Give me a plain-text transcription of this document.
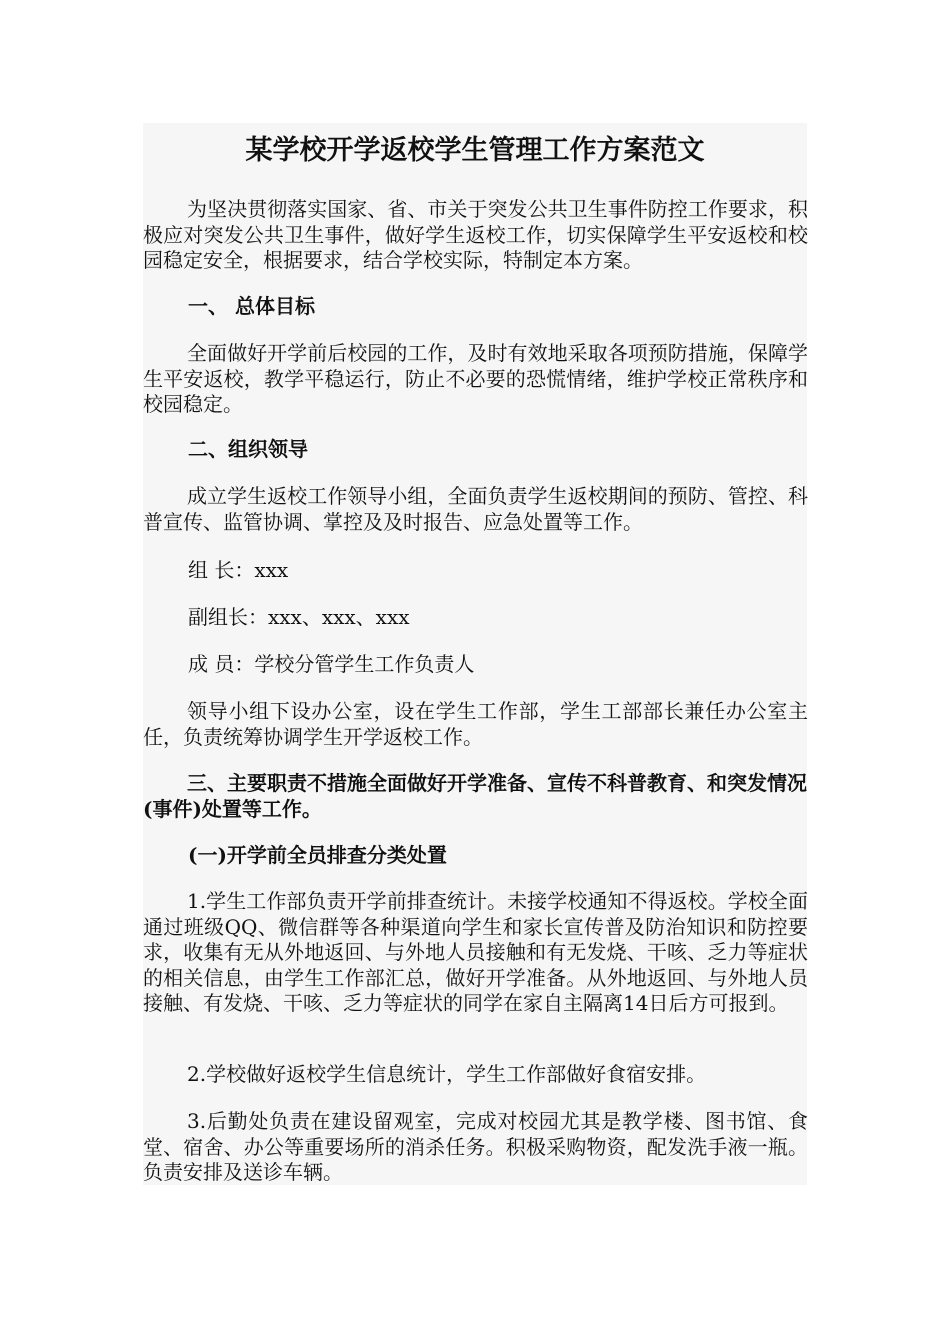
某学校开学返校学生管理工作方案范文

为坚决贯彻落实国家、省、市关于突发公共卫生事件防控工作要求，积极应对突发公共卫生事件，做好学生返校工作，切实保障学生平安返校和校园稳定安全，根据要求，结合学校实际，特制定本方案。

一、 总体目标

全面做好开学前后校园的工作，及时有效地采取各项预防措施，保障学生平安返校，教学平稳运行，防止不必要的恐慌情绪，维护学校正常秩序和校园稳定。

二、组织领导

成立学生返校工作领导小组，全面负责学生返校期间的预防、管控、科普宣传、监管协调、掌控及及时报告、应急处置等工作。

组 长：xxx

副组长：xxx、xxx、xxx

成 员：学校分管学生工作负责人

领导小组下设办公室，设在学生工作部，学生工部部长兼任办公室主任，负责统筹协调学生开学返校工作。

三、主要职责不措施全面做好开学准备、宣传不科普教育、和突发情况(事件)处置等工作。

(一)开学前全员排查分类处置

1.学生工作部负责开学前排查统计。未接学校通知不得返校。学校全面通过班级QQ、微信群等各种渠道向学生和家长宣传普及防治知识和防控要求，收集有无从外地返回、与外地人员接触和有无发烧、干咳、乏力等症状的相关信息，由学生工作部汇总，做好开学准备。从外地返回、与外地人员接触、有发烧、干咳、乏力等症状的同学在家自主隔离14日后方可报到。

2.学校做好返校学生信息统计，学生工作部做好食宿安排。

3.后勤处负责在建设留观室，完成对校园尤其是教学楼、图书馆、食堂、宿舍、办公等重要场所的消杀任务。积极采购物资，配发洗手液一瓶。负责安排及送诊车辆。
